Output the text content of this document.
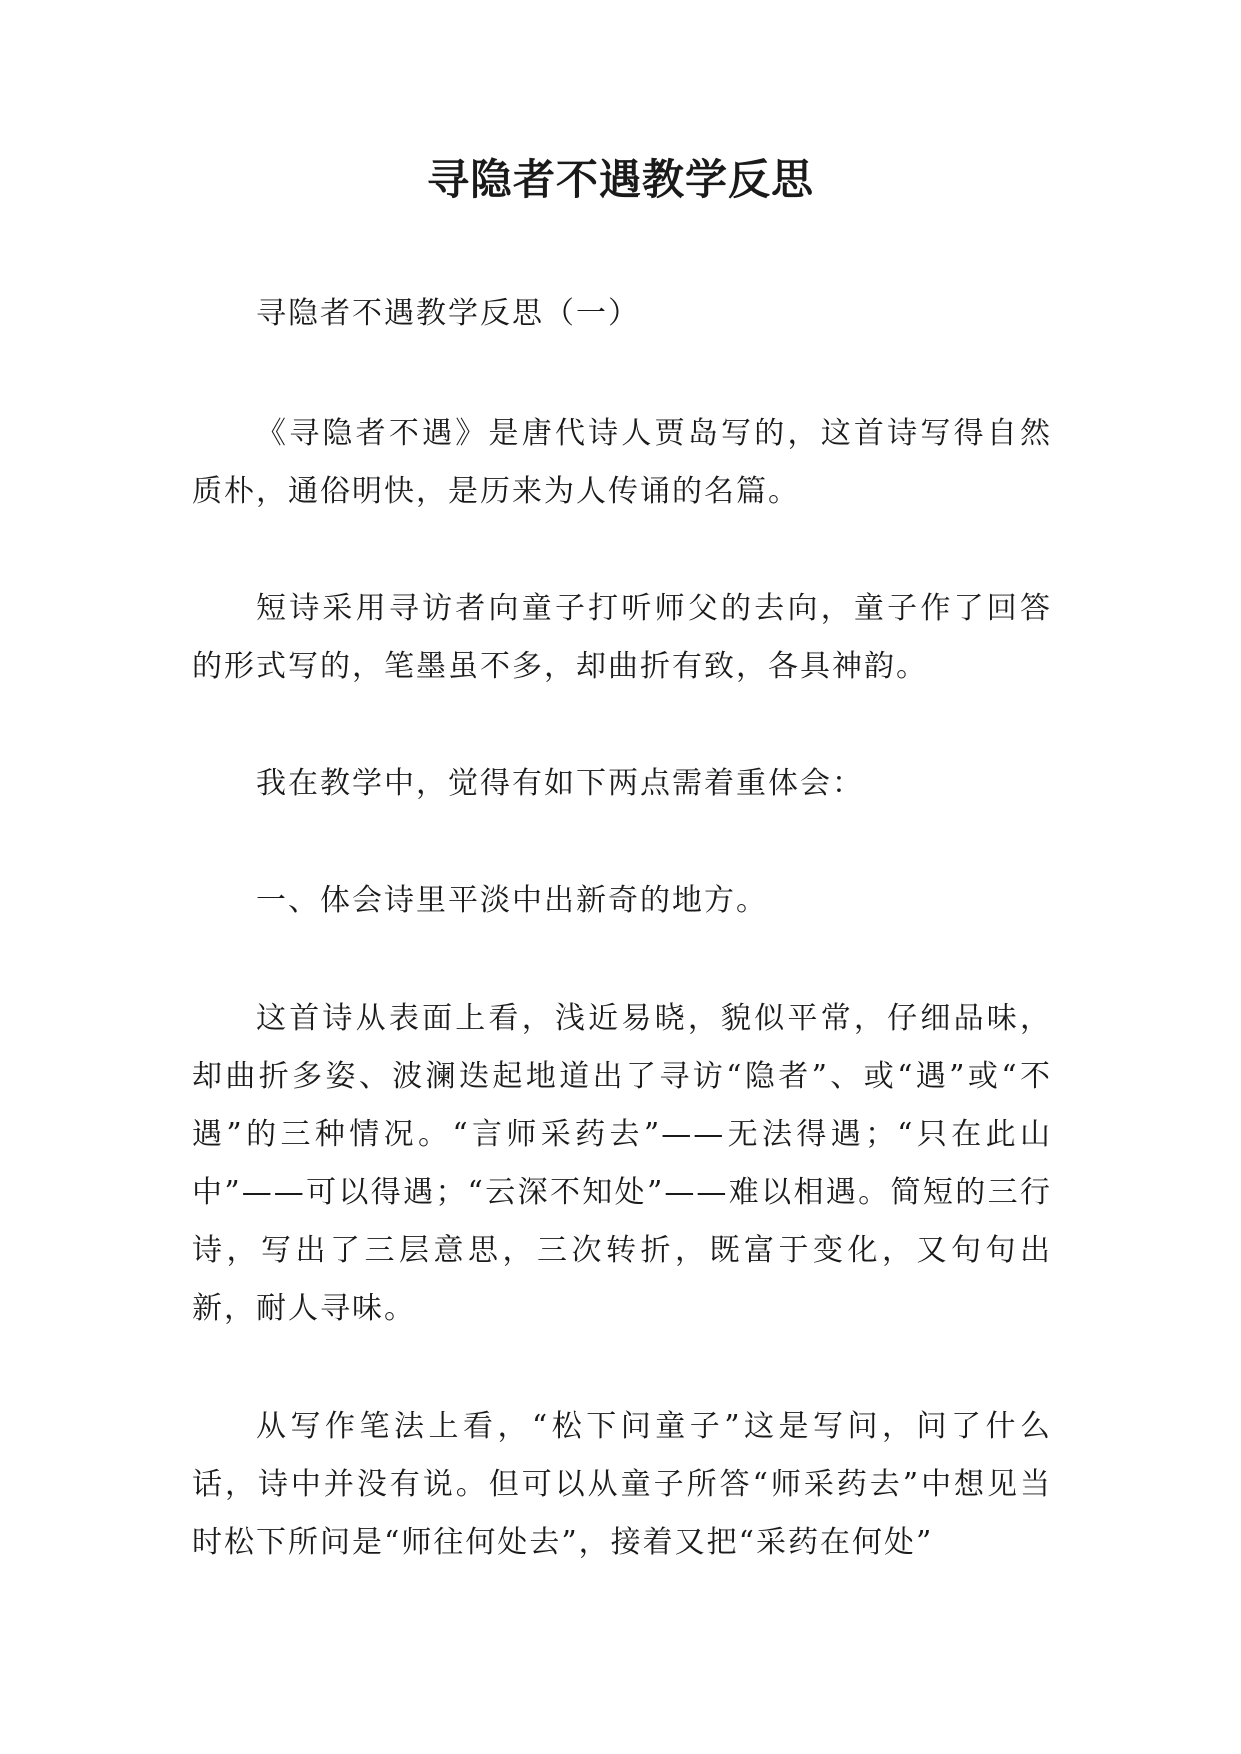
寻隐者不遇教学反思

寻隐者不遇教学反思（一）

《寻隐者不遇》是唐代诗人贾岛写的，这首诗写得自然质朴，通俗明快，是历来为人传诵的名篇。

短诗采用寻访者向童子打听师父的去向，童子作了回答的形式写的，笔墨虽不多，却曲折有致，各具神韵。

我在教学中，觉得有如下两点需着重体会：

一、体会诗里平淡中出新奇的地方。

这首诗从表面上看，浅近易晓，貌似平常，仔细品味，却曲折多姿、波澜迭起地道出了寻访“隐者”、或“遇”或“不遇”的三种情况。“言师采药去”——无法得遇；“只在此山中”——可以得遇；“云深不知处”——难以相遇。简短的三行诗，写出了三层意思，三次转折，既富于变化，又句句出新，耐人寻味。

从写作笔法上看，“松下问童子”这是写问，问了什么话，诗中并没有说。但可以从童子所答“师采药去”中想见当时松下所问是“师往何处去”，接着又把“采药在何处”
